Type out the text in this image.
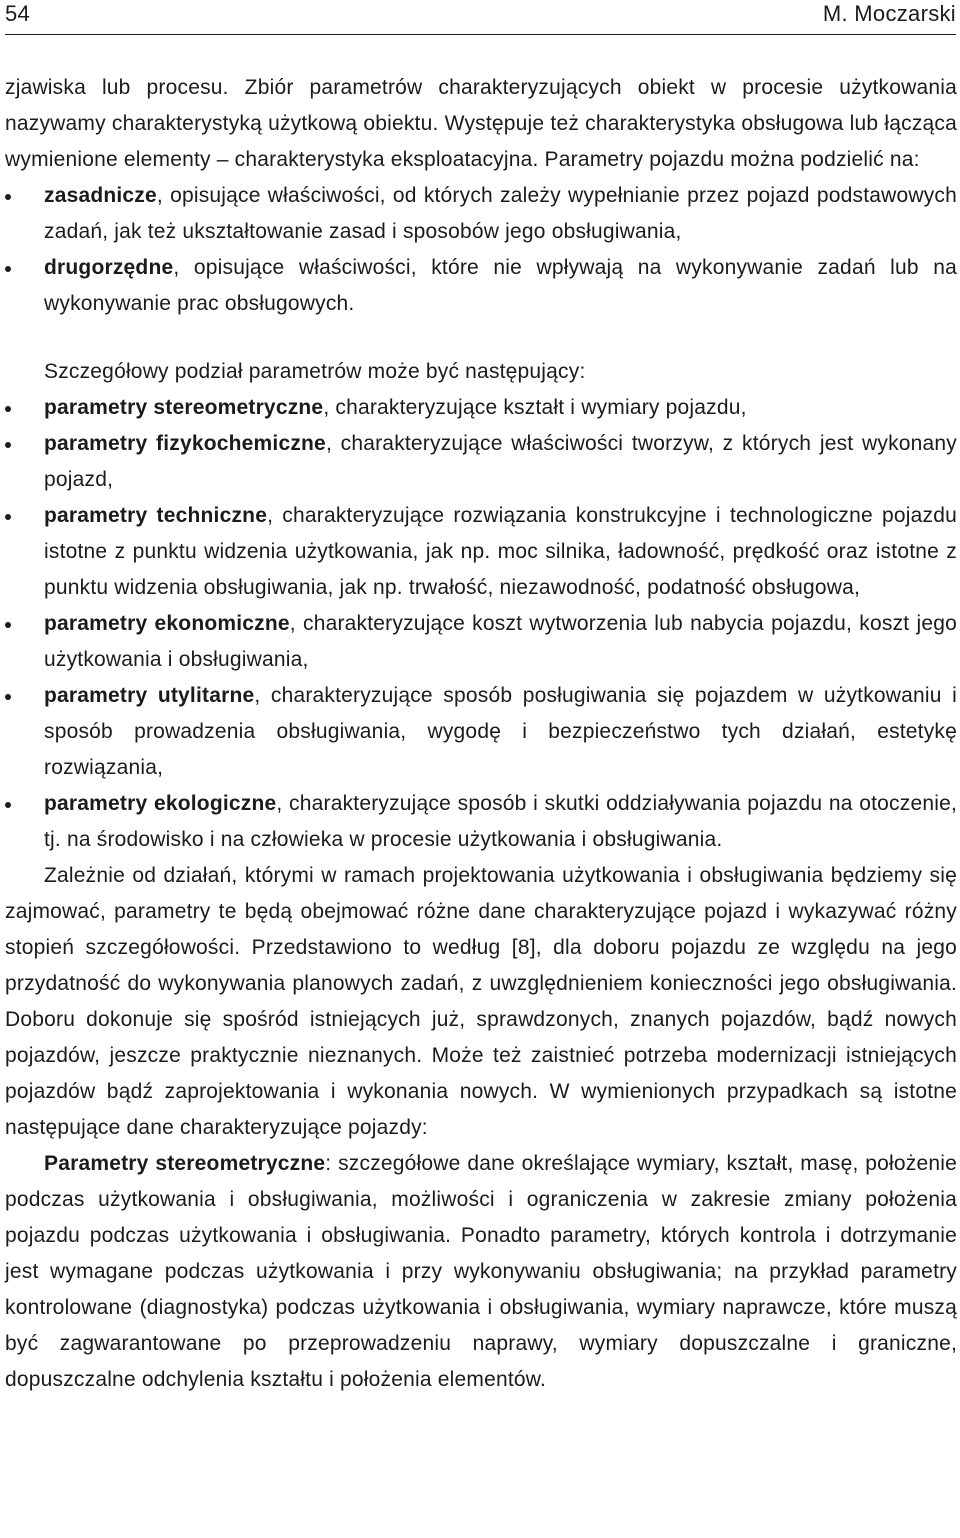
54	M. Moczarski

zjawiska lub procesu. Zbiór parametrów charakteryzujących obiekt w procesie użytkowania nazywamy charakterystyką użytkową obiektu. Występuje też charakterystyka obsługowa lub łącząca wymienione elementy – charakterystyka eksploatacyjna. Parametry pojazdu można podzielić na:

zasadnicze, opisujące właściwości, od których zależy wypełnianie przez pojazd podstawowych zadań, jak też ukształtowanie zasad i sposobów jego obsługiwania,
drugorzędne, opisujące właściwości, które nie wpływają na wykonywanie zadań lub na wykonywanie prac obsługowych.

Szczegółowy podział parametrów może być następujący:

parametry stereometryczne, charakteryzujące kształt i wymiary pojazdu,
parametry fizykochemiczne, charakteryzujące właściwości tworzyw, z których jest wykonany pojazd,
parametry techniczne, charakteryzujące rozwiązania konstrukcyjne i technologiczne pojazdu istotne z punktu widzenia użytkowania, jak np. moc silnika, ładowność, prędkość oraz istotne z punktu widzenia obsługiwania, jak np. trwałość, niezawodność, podatność obsługowa,
parametry ekonomiczne, charakteryzujące koszt wytworzenia lub nabycia pojazdu, koszt jego użytkowania i obsługiwania,
parametry utylitarne, charakteryzujące sposób posługiwania się pojazdem w użytkowaniu i sposób prowadzenia obsługiwania, wygodę i bezpieczeństwo tych działań, estetykę rozwiązania,
parametry ekologiczne, charakteryzujące sposób i skutki oddziaływania pojazdu na otoczenie, tj. na środowisko i na człowieka w procesie użytkowania i obsługiwania.

Zależnie od działań, którymi w ramach projektowania użytkowania i obsługiwania będziemy się zajmować, parametry te będą obejmować różne dane charakteryzujące pojazd i wykazywać różny stopień szczegółowości. Przedstawiono to według [8], dla doboru pojazdu ze względu na jego przydatność do wykonywania planowych zadań, z uwzględnieniem konieczności jego obsługiwania. Doboru dokonuje się spośród istniejących już, sprawdzonych, znanych pojazdów, bądź nowych pojazdów, jeszcze praktycznie nieznanych. Może też zaistnieć potrzeba modernizacji istniejących pojazdów bądź zaprojektowania i wykonania nowych. W wymienionych przypadkach są istotne następujące dane charakteryzujące pojazdy:

Parametry stereometryczne: szczegółowe dane określające wymiary, kształt, masę, położenie podczas użytkowania i obsługiwania, możliwości i ograniczenia w zakresie zmiany położenia pojazdu podczas użytkowania i obsługiwania. Ponadto parametry, których kontrola i dotrzymanie jest wymagane podczas użytkowania i przy wykonywaniu obsługiwania; na przykład parametry kontrolowane (diagnostyka) podczas użytkowania i obsługiwania, wymiary naprawcze, które muszą być zagwarantowane po przeprowadzeniu naprawy, wymiary dopuszczalne i graniczne, dopuszczalne odchylenia kształtu i położenia elementów.
